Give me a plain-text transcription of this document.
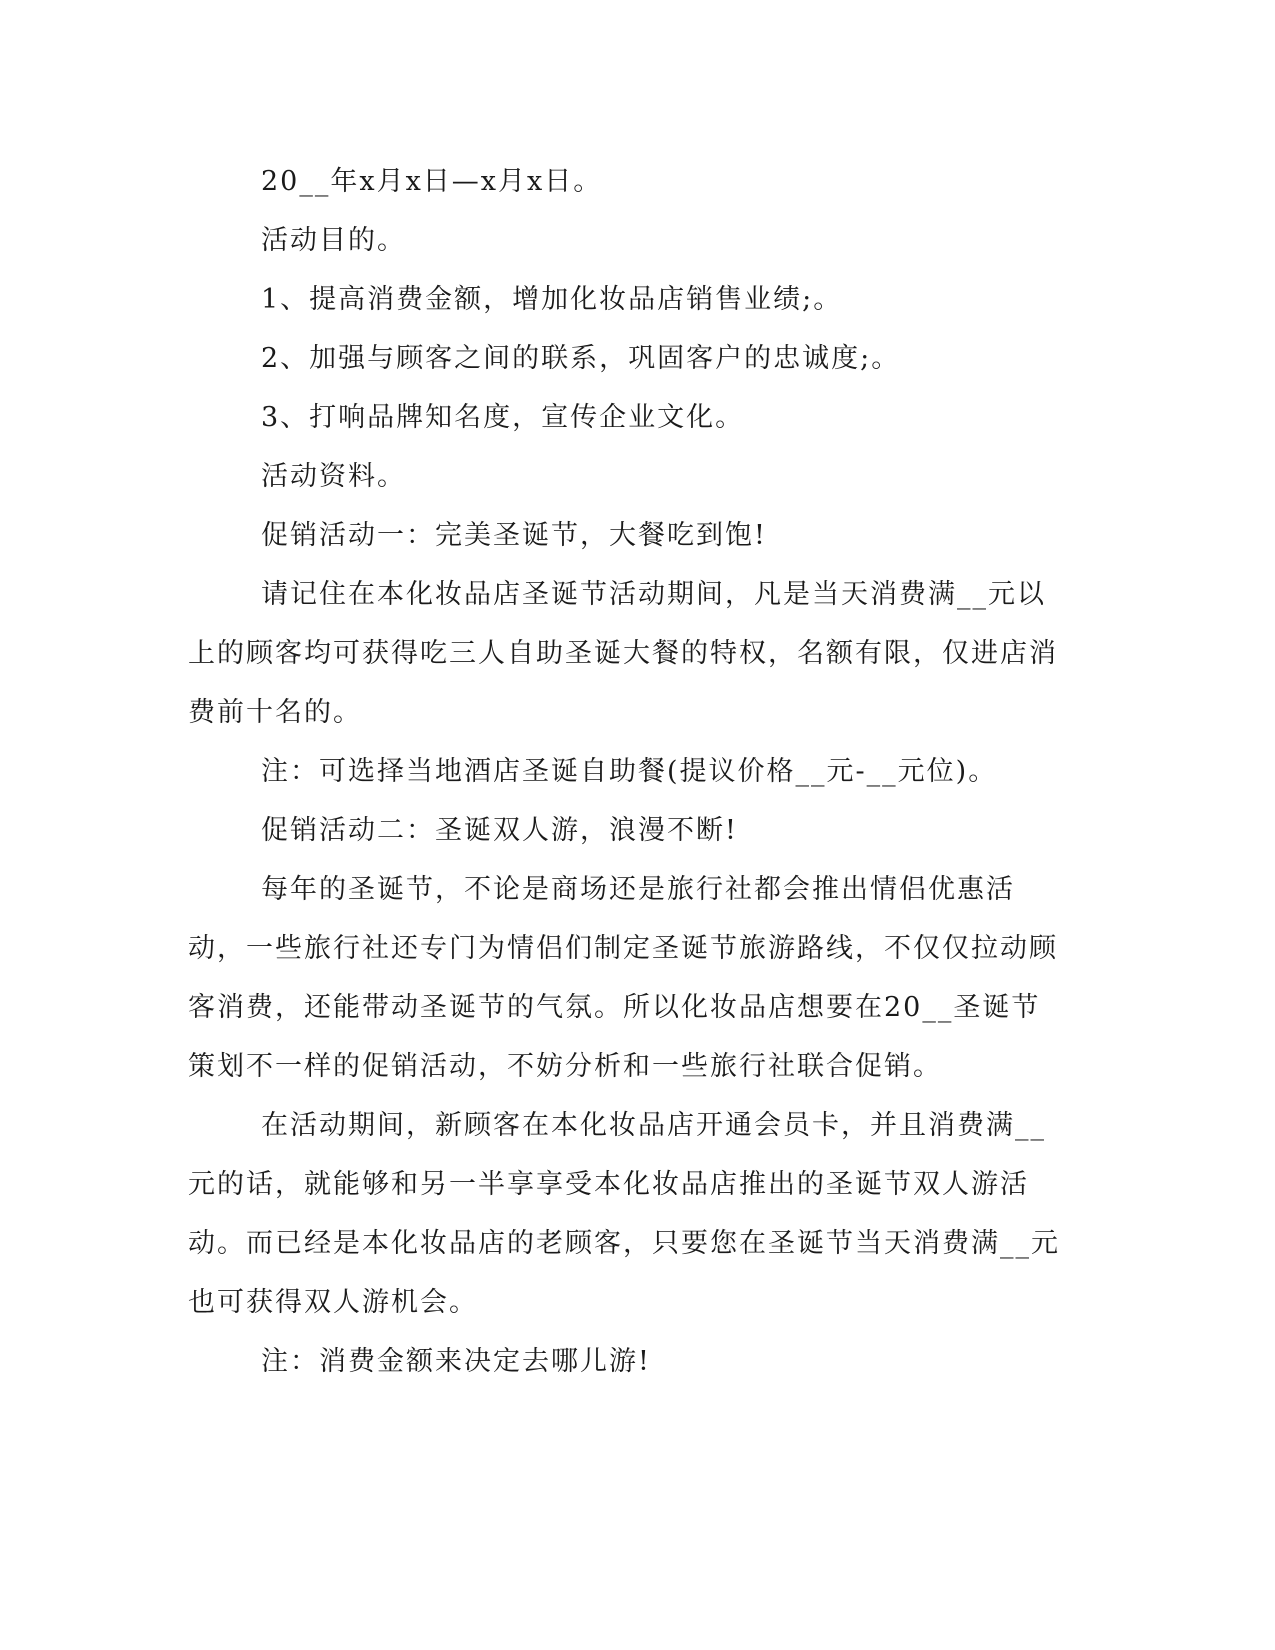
20__年x月x日—x月x日。

活动目的。

1、提高消费金额，增加化妆品店销售业绩;。

2、加强与顾客之间的联系，巩固客户的忠诚度;。

3、打响品牌知名度，宣传企业文化。

活动资料。

促销活动一：完美圣诞节，大餐吃到饱!

请记住在本化妆品店圣诞节活动期间，凡是当天消费满__元以上的顾客均可获得吃三人自助圣诞大餐的特权，名额有限，仅进店消费前十名的。

注：可选择当地酒店圣诞自助餐(提议价格__元-__元位)。

促销活动二：圣诞双人游，浪漫不断!

每年的圣诞节，不论是商场还是旅行社都会推出情侣优惠活动，一些旅行社还专门为情侣们制定圣诞节旅游路线，不仅仅拉动顾客消费，还能带动圣诞节的气氛。所以化妆品店想要在20__圣诞节策划不一样的促销活动，不妨分析和一些旅行社联合促销。

在活动期间，新顾客在本化妆品店开通会员卡，并且消费满__元的话，就能够和另一半享享受本化妆品店推出的圣诞节双人游活动。而已经是本化妆品店的老顾客，只要您在圣诞节当天消费满__元也可获得双人游机会。

注：消费金额来决定去哪儿游!
